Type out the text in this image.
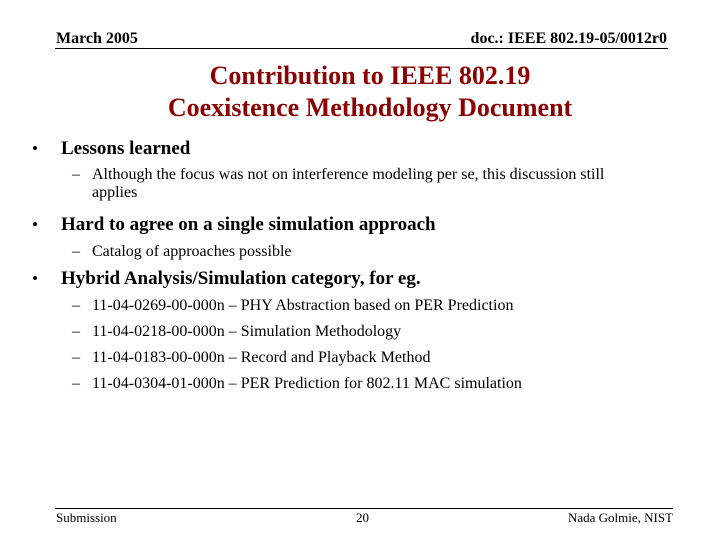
March 2005	doc.: IEEE 802.19-05/0012r0
Contribution to IEEE 802.19
Coexistence Methodology Document
• Lessons learned
– Although the focus was not on interference modeling per se, this discussion still applies
• Hard to agree on a single simulation approach
– Catalog of approaches possible
• Hybrid Analysis/Simulation category, for eg.
– 11-04-0269-00-000n – PHY Abstraction based on PER Prediction
– 11-04-0218-00-000n – Simulation Methodology
– 11-04-0183-00-000n – Record and Playback Method
– 11-04-0304-01-000n – PER Prediction for 802.11 MAC simulation
Submission	20	Nada Golmie, NIST
